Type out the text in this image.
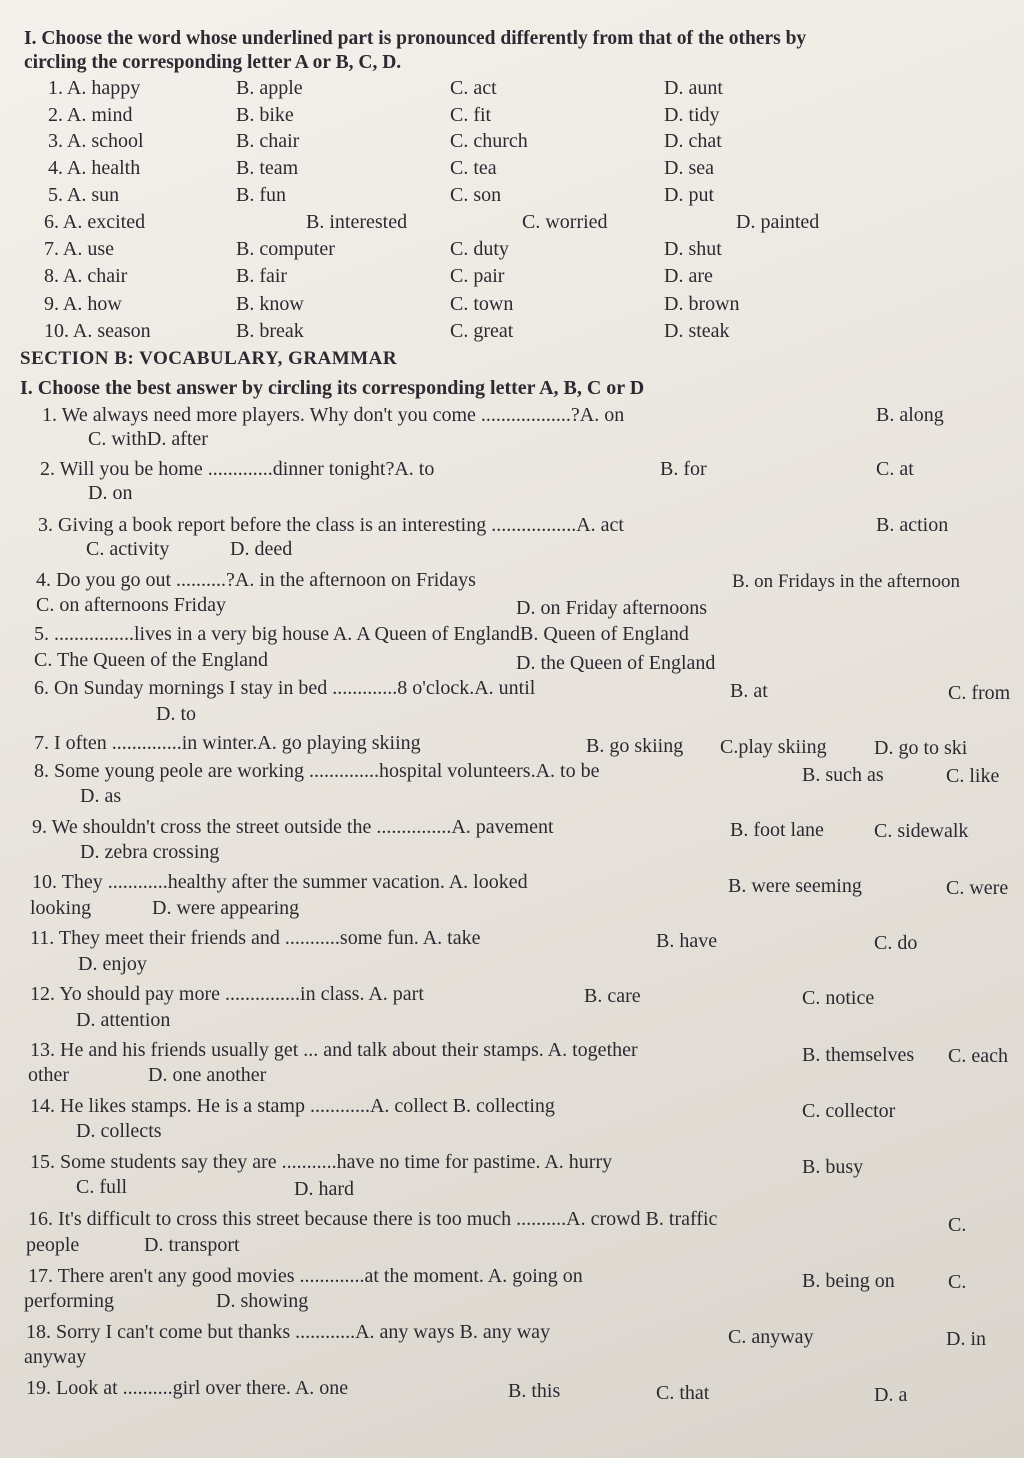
I. Choose the word whose underlined part is pronounced differently from that of the others by
circling the corresponding letter A or B, C, D.
1. A. happy	B. apple	C. act	D. aunt
2. A. mind	B. bike	C. fit	D. tidy
3. A. school	B. chair	C. church	D. chat
4. A. health	B. team	C. tea	D. sea
5. A. sun	B. fun	C. son	D. put
6. A. excited	B. interested	C. worried	D. painted
7. A. use	B. computer	C. duty	D. shut
8. A. chair	B. fair	C. pair	D. are
9. A. how	B. know	C. town	D. brown
10. A. season	B. break	C. great	D. steak
SECTION B: VOCABULARY, GRAMMAR
I. Choose the best answer by circling its corresponding letter A, B, C or D
1. We always need more players. Why don't you come ..................?A. on	B. along
C. withD. after
2. Will you be home .............dinner tonight?A. to	B. for	C. at
D. on
3. Giving a book report before the class is an interesting .................A. act	B. action
C. activity	D. deed
4. Do you go out ..........?A. in the afternoon on Fridays	B. on Fridays in the afternoon
C. on afternoons Friday	D. on Friday afternoons
5. ................lives in a very big house A. A Queen of EnglandB. Queen of England
C. The Queen of the England	D. the Queen of England
6. On Sunday mornings I stay in bed .............8 o'clock.A. until	B. at	C. from
D. to
7. I often ..............in winter.A. go playing skiing	B. go skiing C.play skiing D. go to ski
8. Some young peole are working ..............hospital volunteers.A. to be	B. such as	C. like
D. as
9. We shouldn't cross the street outside the ...............A. pavement	B. foot lane	C. sidewalk
D. zebra crossing
10. They ............healthy after the summer vacation. A. looked	B. were seeming	C. were
looking	D. were appearing
11. They meet their friends and ...........some fun. A. take	B. have	C. do
D. enjoy
12. Yo should pay more ...............in class. A. part	B. care	C. notice
D. attention
13. He and his friends usually get ... and talk about their stamps. A. together	B. themselves C. each
other	D. one another
14. He likes stamps. He is a stamp ............A. collect B. collecting	C. collector
D. collects
15. Some students say they are ...........have no time for pastime. A. hurry	B. busy
C. full	D. hard
16. It's difficult to cross this street because there is too much ..........A. crowd B. traffic	C.
people	D. transport
17. There aren't any good movies .............at the moment. A. going on	B. being on	C.
performing	D. showing
18. Sorry I can't come but thanks ............A. any ways B. any way	C. anyway	D. in
anyway
19. Look at ..........girl over there. A. one	B. this	C. that	D. a
